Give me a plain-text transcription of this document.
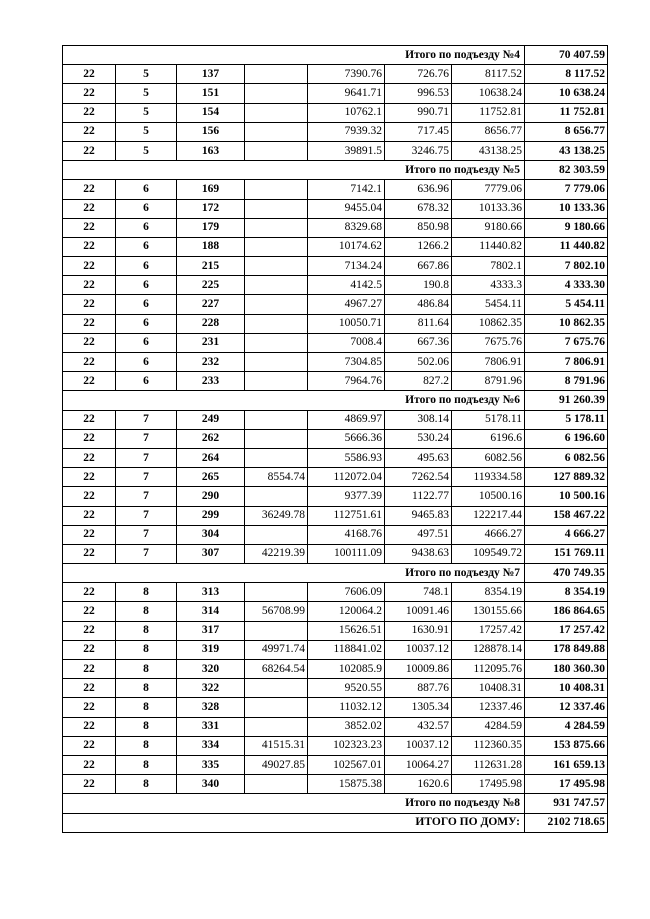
Итого по подъезду №4							70 407.59
22	5	137		7390.76	726.76	8117.52	8 117.52
22	5	151		9641.71	996.53	10638.24	10 638.24
22	5	154		10762.1	990.71	11752.81	11 752.81
22	5	156		7939.32	717.45	8656.77	8 656.77
22	5	163		39891.5	3246.75	43138.25	43 138.25
Итого по подъезду №5							82 303.59
22	6	169		7142.1	636.96	7779.06	7 779.06
22	6	172		9455.04	678.32	10133.36	10 133.36
22	6	179		8329.68	850.98	9180.66	9 180.66
22	6	188		10174.62	1266.2	11440.82	11 440.82
22	6	215		7134.24	667.86	7802.1	7 802.10
22	6	225		4142.5	190.8	4333.3	4 333.30
22	6	227		4967.27	486.84	5454.11	5 454.11
22	6	228		10050.71	811.64	10862.35	10 862.35
22	6	231		7008.4	667.36	7675.76	7 675.76
22	6	232		7304.85	502.06	7806.91	7 806.91
22	6	233		7964.76	827.2	8791.96	8 791.96
Итого по подъезду №6							91 260.39
22	7	249		4869.97	308.14	5178.11	5 178.11
22	7	262		5666.36	530.24	6196.6	6 196.60
22	7	264		5586.93	495.63	6082.56	6 082.56
22	7	265	8554.74	112072.04	7262.54	119334.58	127 889.32
22	7	290		9377.39	1122.77	10500.16	10 500.16
22	7	299	36249.78	112751.61	9465.83	122217.44	158 467.22
22	7	304		4168.76	497.51	4666.27	4 666.27
22	7	307	42219.39	100111.09	9438.63	109549.72	151 769.11
Итого по подъезду №7							470 749.35
22	8	313		7606.09	748.1	8354.19	8 354.19
22	8	314	56708.99	120064.2	10091.46	130155.66	186 864.65
22	8	317		15626.51	1630.91	17257.42	17 257.42
22	8	319	49971.74	118841.02	10037.12	128878.14	178 849.88
22	8	320	68264.54	102085.9	10009.86	112095.76	180 360.30
22	8	322		9520.55	887.76	10408.31	10 408.31
22	8	328		11032.12	1305.34	12337.46	12 337.46
22	8	331		3852.02	432.57	4284.59	4 284.59
22	8	334	41515.31	102323.23	10037.12	112360.35	153 875.66
22	8	335	49027.85	102567.01	10064.27	112631.28	161 659.13
22	8	340		15875.38	1620.6	17495.98	17 495.98
Итого по подъезду №8							931 747.57
ИТОГО ПО ДОМУ:							2102 718.65
